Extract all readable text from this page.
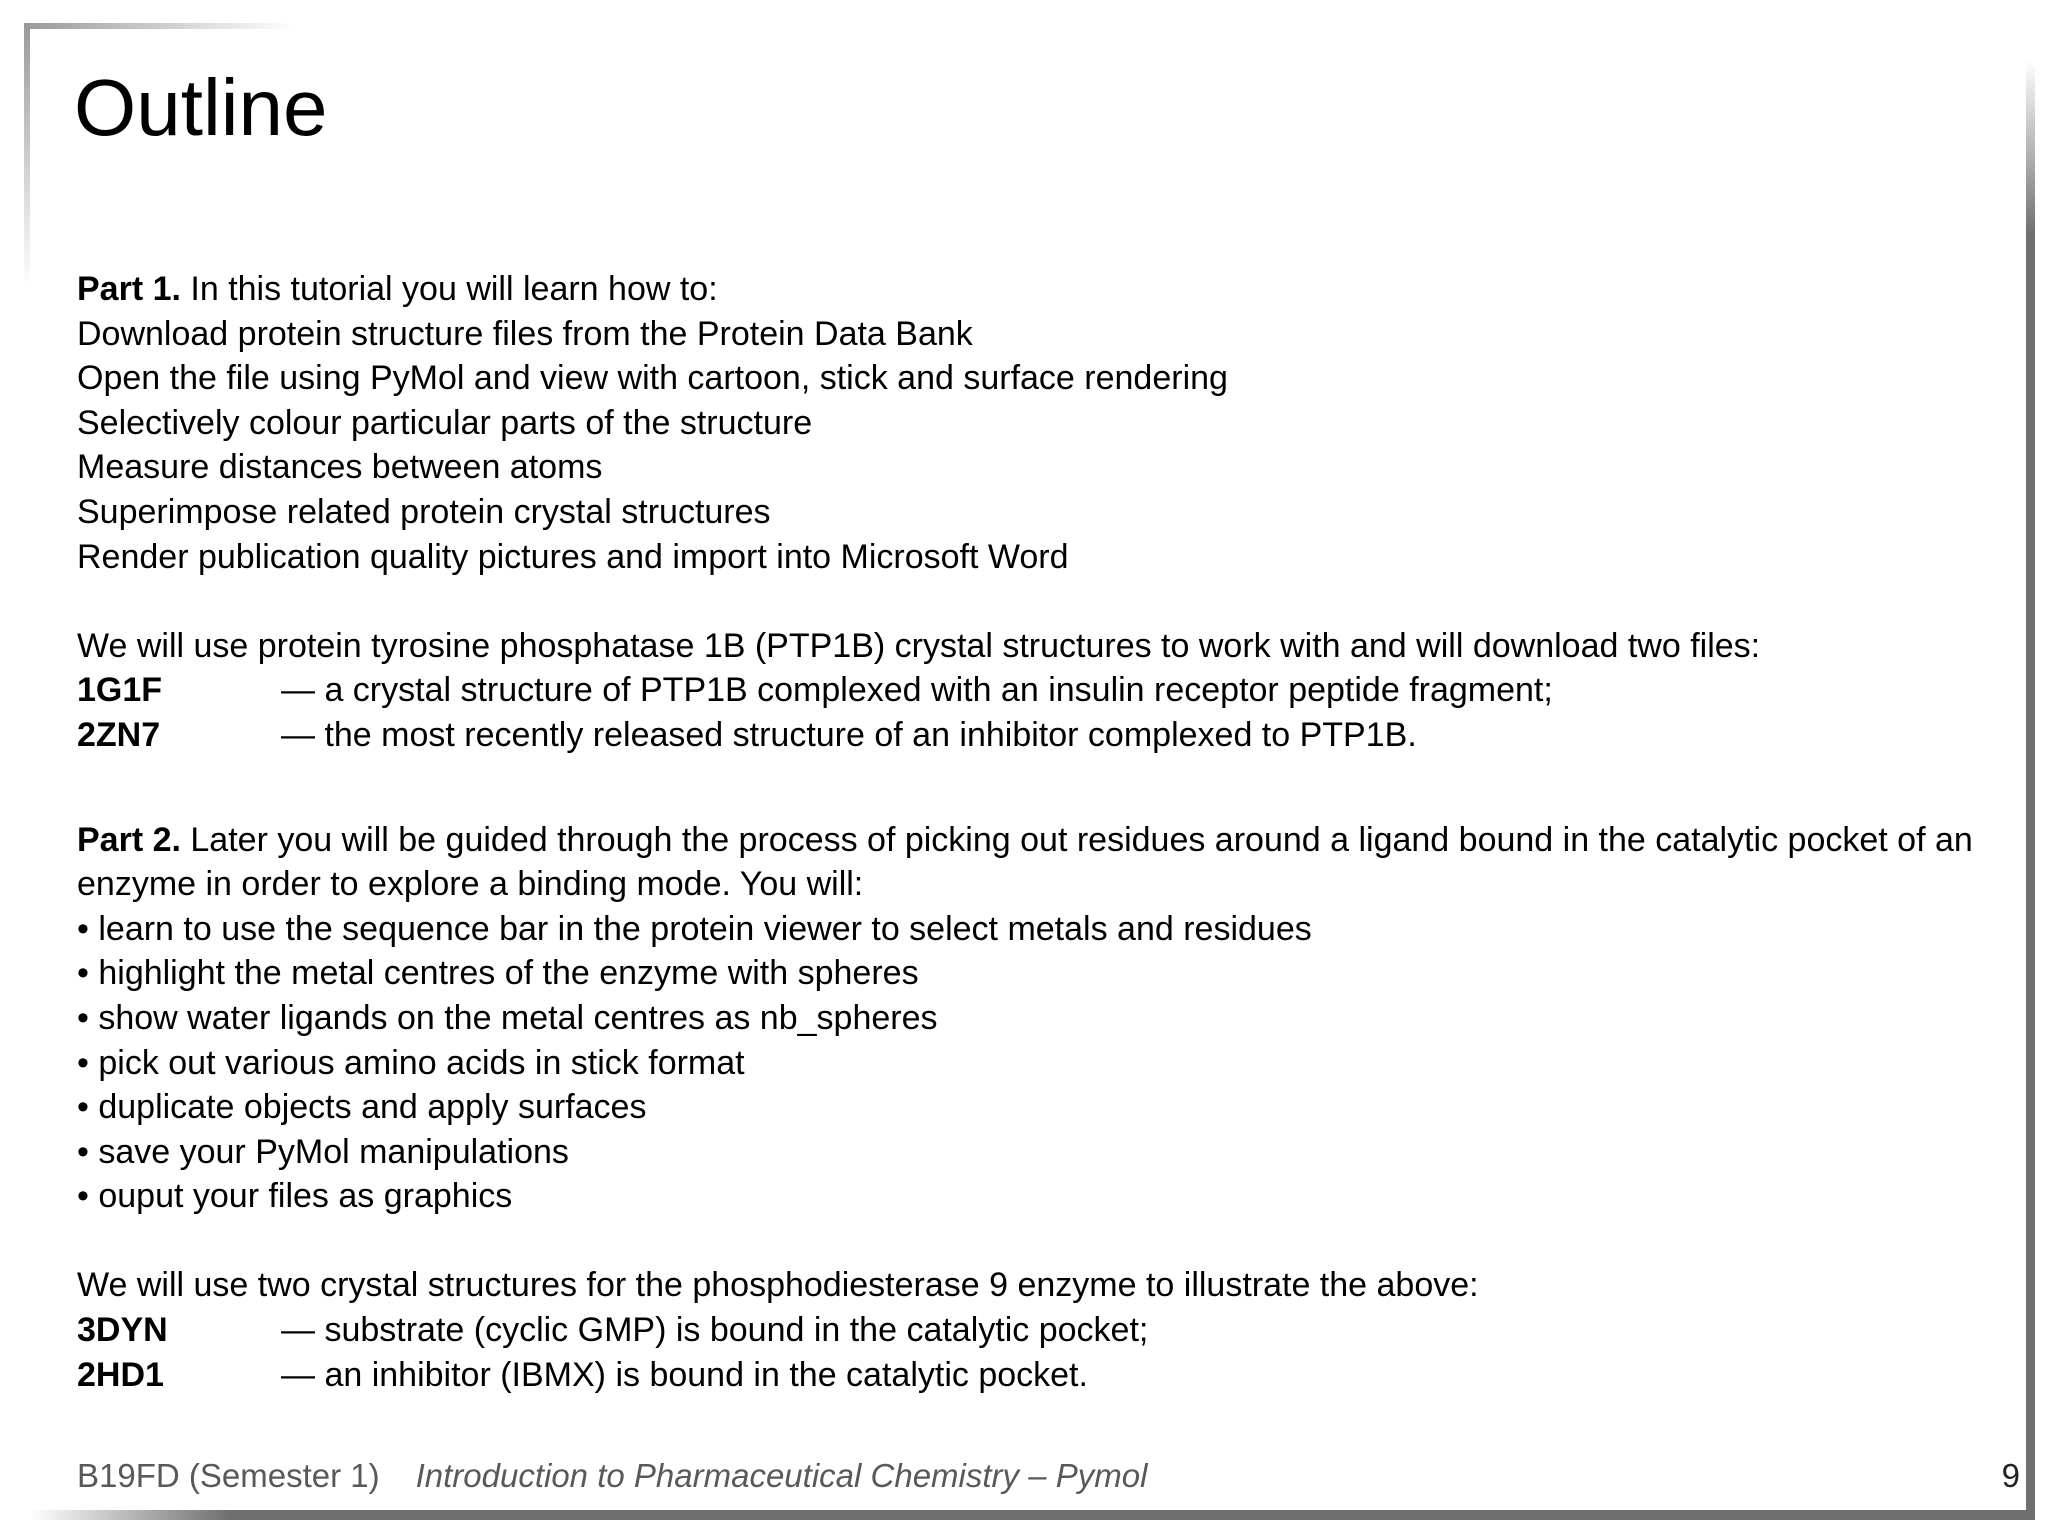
Outline
Part 1. In this tutorial you will learn how to:
Download protein structure files from the Protein Data Bank
Open the file using PyMol and view with cartoon, stick and surface rendering
Selectively colour particular parts of the structure
Measure distances between atoms
Superimpose related protein crystal structures
Render publication quality pictures and import into Microsoft Word
We will use protein tyrosine phosphatase 1B (PTP1B) crystal structures to work with and will download two files:
1G1F	— a crystal structure of PTP1B complexed with an insulin receptor peptide fragment;
2ZN7	— the most recently released structure of an inhibitor complexed to PTP1B.
Part 2. Later you will be guided through the process of picking out residues around a ligand bound in the catalytic pocket of an enzyme in order to explore a binding mode. You will:
• learn to use the sequence bar in the protein viewer to select metals and residues
• highlight the metal centres of the enzyme with spheres
• show water ligands on the metal centres as nb_spheres
• pick out various amino acids in stick format
• duplicate objects and apply surfaces
• save your PyMol manipulations
• ouput your files as graphics
We will use two crystal structures for the phosphodiesterase 9 enzyme to illustrate the above:
3DYN	— substrate (cyclic GMP) is bound in the catalytic pocket;
2HD1	— an inhibitor (IBMX) is bound in the catalytic pocket.
B19FD (Semester 1) Introduction to Pharmaceutical Chemistry – Pymol	9
